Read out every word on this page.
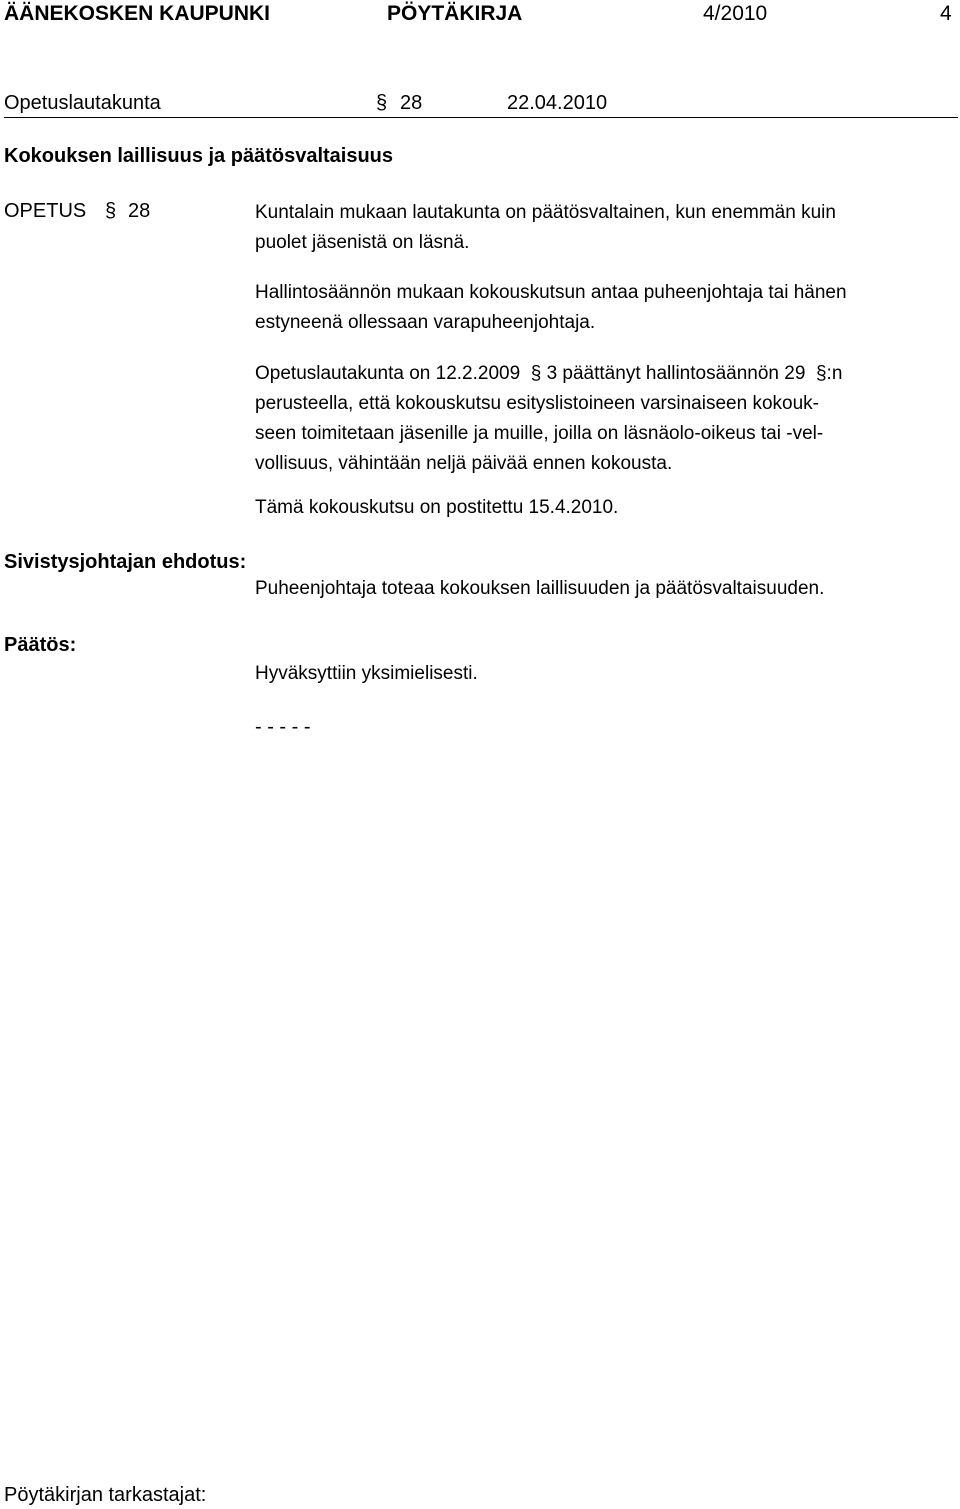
ÄÄNEKOSKEN KAUPUNKI	PÖYTÄKIRJA	4/2010	4
Opetuslautakunta	§ 28	22.04.2010
Kokouksen laillisuus ja päätösvaltaisuus
OPETUS § 28	Kuntalain mukaan lautakunta on päätösvaltainen, kun enemmän kuin
puolet jäsenistä on läsnä.
Hallintosäännön mukaan kokouskutsun antaa puheenjohtaja tai hänen
estyneenä ollessaan varapuheenjohtaja.
Opetuslautakunta on 12.2.2009 § 3 päättänyt hallintosäännön 29 §:n
perusteella, että kokouskutsu esityslistoineen varsinaiseen kokouk-
seen toimitetaan jäsenille ja muille, joilla on läsnäolo-oikeus tai -vel-
vollisuus, vähintään neljä päivää ennen kokousta.
Tämä kokouskutsu on postitettu 15.4.2010.
Sivistysjohtajan ehdotus:
Puheenjohtaja toteaa kokouksen laillisuuden ja päätösvaltaisuuden.
Päätös:
Hyväksyttiin yksimielisesti.
- - - - -
Pöytäkirjan tarkastajat:
